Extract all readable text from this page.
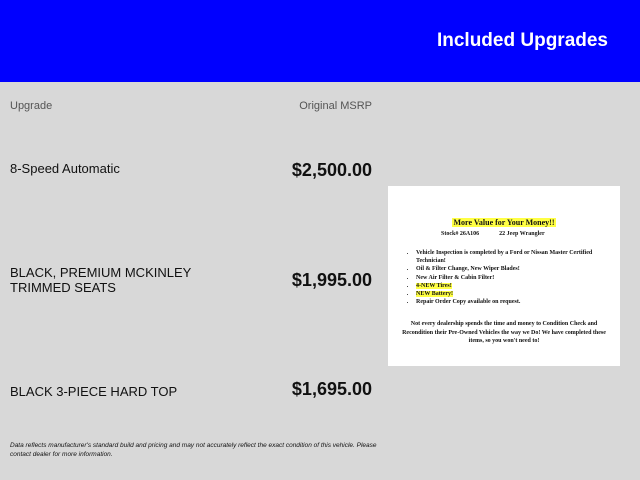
Included Upgrades
Upgrade	Original MSRP
8-Speed Automatic	$2,500.00
BLACK, PREMIUM MCKINLEY TRIMMED SEATS	$1,995.00
BLACK 3-PIECE HARD TOP	$1,695.00
More Value for Your Money!!
Stock# 26A106	22 Jeep Wrangler
• Vehicle Inspection is completed by a Ford or Nissan Master Certified Technician!
• Oil & Filter Change, New Wiper Blades!
• New Air Filter & Cabin Filter!
• 4-NEW Tires!
• NEW Battery!
• Repair Order Copy available on request.
Not every dealership spends the time and money to Condition Check and Recondition their Pre-Owned Vehicles the way we Do! We have completed these items, so you won't need to!
Data reflects manufacturer's standard build and pricing and may not accurately reflect the exact condition of this vehicle. Please contact dealer for more information.
